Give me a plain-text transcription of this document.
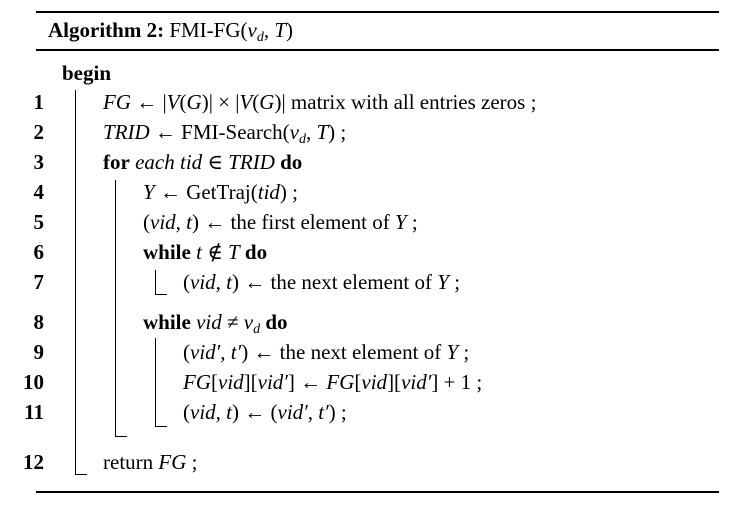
Algorithm 2: FMI-$FG(v_d$, T)
begin
1	FG ← |V(G)| × |V(G)| matrix with all entries zeros ;
2	TRID ← FMI-$Search(v_d$, T) ;
3	for each tid ∈ TRID do
4	Y ← GetTraj(tid) ;
5	(vid, t) ← the first element of Y ;
6	while t ∉ T do
7	(vid, t) ← the next element of Y ;
8	while vid ≠ $v_d$ do
9	(vid′, t′) ← the next element of Y ;
10	FG[vid][vid′] ← FG[vid][vid′] + 1 ;
11	(vid, t) ← (vid′, t′) ;
12	return FG ;
